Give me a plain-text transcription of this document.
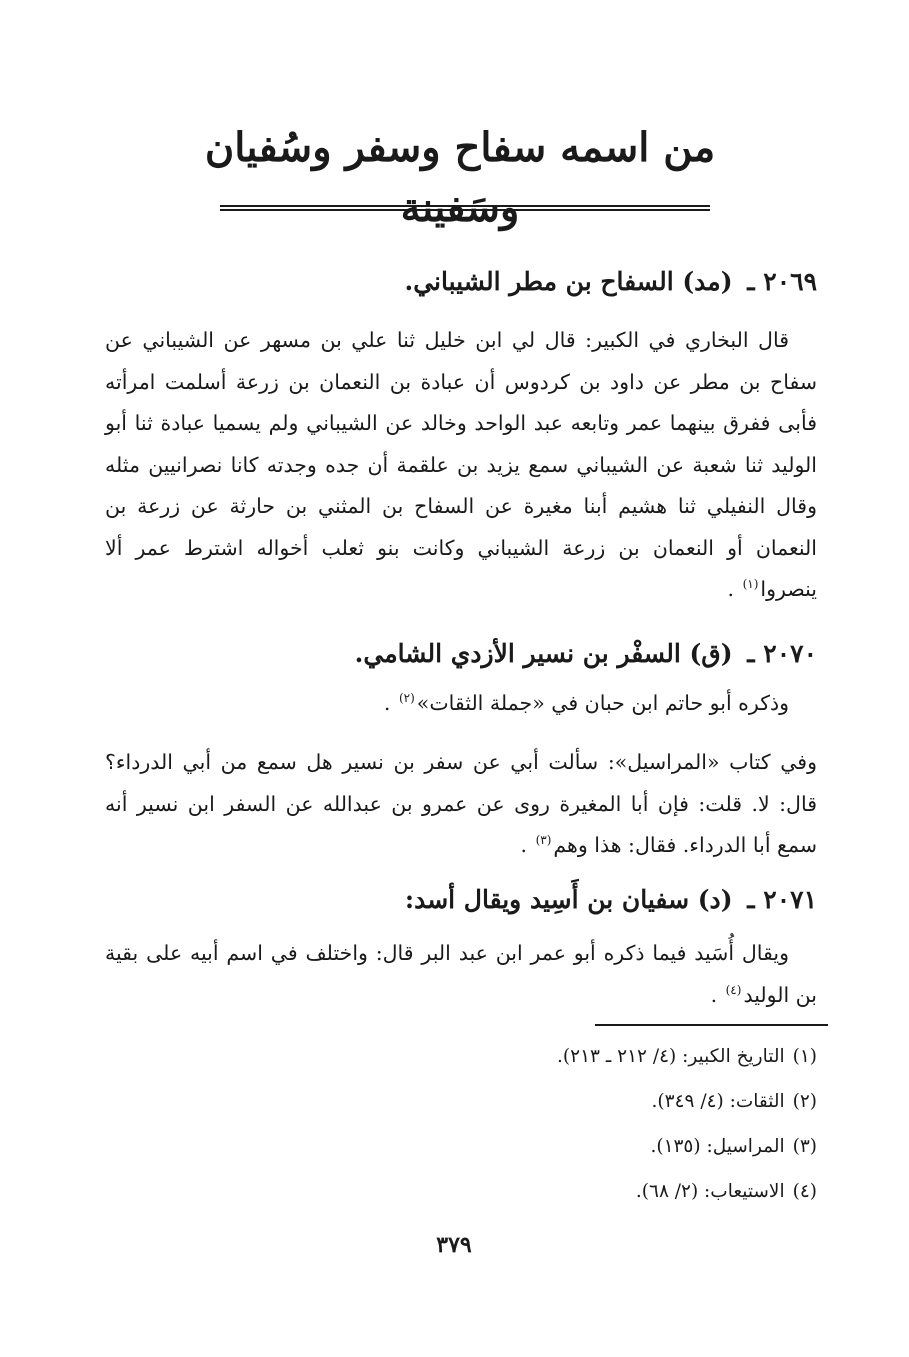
من اسمه سفاح وسفر وسُفيان وسَفينة
٢٠٦٩ ـ (مد) السفاح بن مطر الشيباني.
قال البخاري في الكبير: قال لي ابن خليل ثنا علي بن مسهر عن الشيباني عن سفاح بن مطر عن داود بن كردوس أن عبادة بن النعمان بن زرعة أسلمت امرأته فأبى ففرق بينهما عمر وتابعه عبد الواحد وخالد عن الشيباني ولم يسميا عبادة ثنا أبو الوليد ثنا شعبة عن الشيباني سمع يزيد بن علقمة أن جده وجدته كانا نصرانيين مثله وقال النفيلي ثنا هشيم أبنا مغيرة عن السفاح بن المثني بن حارثة عن زرعة بن النعمان أو النعمان بن زرعة الشيباني وكانت بنو ثعلب أخواله اشترط عمر ألا ينصروا$^{(١)}$ .
٢٠٧٠ ـ (ق) السفْر بن نسير الأزدي الشامي.
وذكره أبو حاتم ابن حبان في «جملة الثقات»$^{(٢)}$ .
وفي كتاب «المراسيل»: سألت أبي عن سفر بن نسير هل سمع من أبي الدرداء؟ قال: لا. قلت: فإن أبا المغيرة روى عن عمرو بن عبدالله عن السفر ابن نسير أنه سمع أبا الدرداء. فقال: هذا وهم$^{(٣)}$ .
٢٠٧١ ـ (د) سفيان بن أَسِيد ويقال أسد:
ويقال أُسَيد فيما ذكره أبو عمر ابن عبد البر قال: واختلف في اسم أبيه على بقية بن الوليد$^{(٤)}$ .
(١)التاريخ الكبير: (٤/ ٢١٢ ـ ٢١٣).
(٢)الثقات: (٤/ ٣٤٩).
(٣)المراسيل: (١٣٥).
(٤)الاستيعاب: (٢/ ٦٨).
٣٧٩
